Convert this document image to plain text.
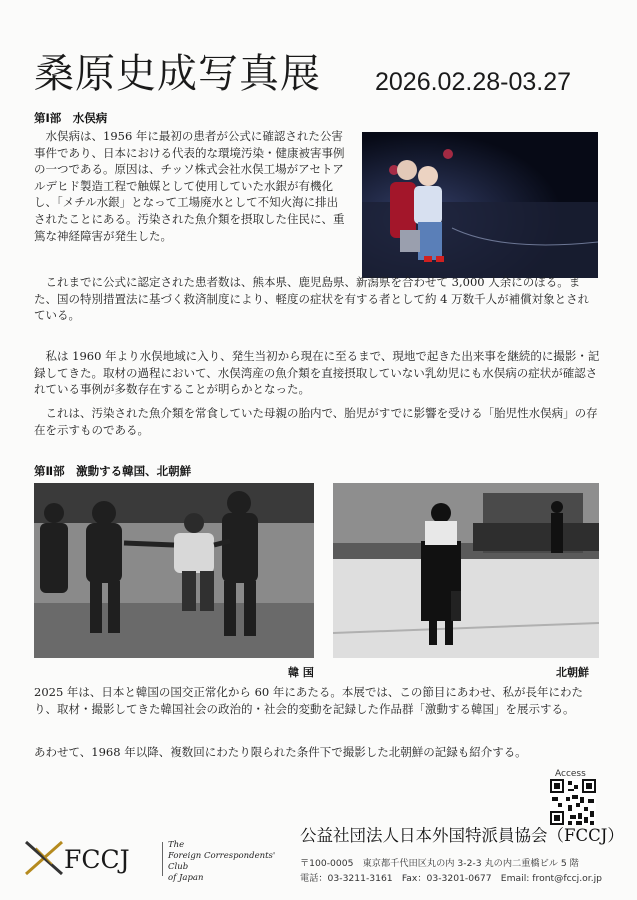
桑原史成写真展 2026.02.28-03.27
第Ⅰ部　水俣病

　水俣病は、1956 年に最初の患者が公式に確認された公害事件であり、日本における代表的な環境汚染・健康被害事例の一つである。原因は、チッソ株式会社水俣工場がアセトアルデヒド製造工程で触媒として使用していた水銀が有機化し、「メチル水銀」となって工場廃水として不知火海に排出されたことにある。汚染された魚介類を摂取した住民に、重篤な神経障害が発生した。

　これまでに公式に認定された患者数は、熊本県、鹿児島県、新潟県を合わせて 3,000 人余にのぼる。また、国の特別措置法に基づく救済制度により、軽度の症状を有する者として約 4 万数千人が補償対象とされている。

　私は 1960 年より水俣地域に入り、発生当初から現在に至るまで、現地で起きた出来事を継続的に撮影・記録してきた。取材の過程において、水俣湾産の魚介類を直接摂取していない乳幼児にも水俣病の症状が確認されている事例が多数存在することが明らかとなった。

　これは、汚染された魚介類を常食していた母親の胎内で、胎児がすでに影響を受ける「胎児性水俣病」の存在を示すものである。

第Ⅱ部　激動する韓国、北朝鮮
韓 国	北朝鮮

2025 年は、日本と韓国の国交正常化から 60 年にあたる。本展では、この節目にあわせ、私が長年にわたり、取材・撮影してきた韓国社会の政治的・社会的変動を記録した作品群「激動する韓国」を展示する。

あわせて、1968 年以降、複数回にわたり限られた条件下で撮影した北朝鮮の記録も紹介する。

Access
FCCJ	The
Foreign Correspondents' Club
of Japan
公益社団法人日本外国特派員協会（FCCJ）
〒100-0005　東京都千代田区丸の内 3-2-3 丸の内二重橋ビル 5 階
電話：03-3211-3161　Fax：03-3201-0677　Email: front@fccj.or.jp
